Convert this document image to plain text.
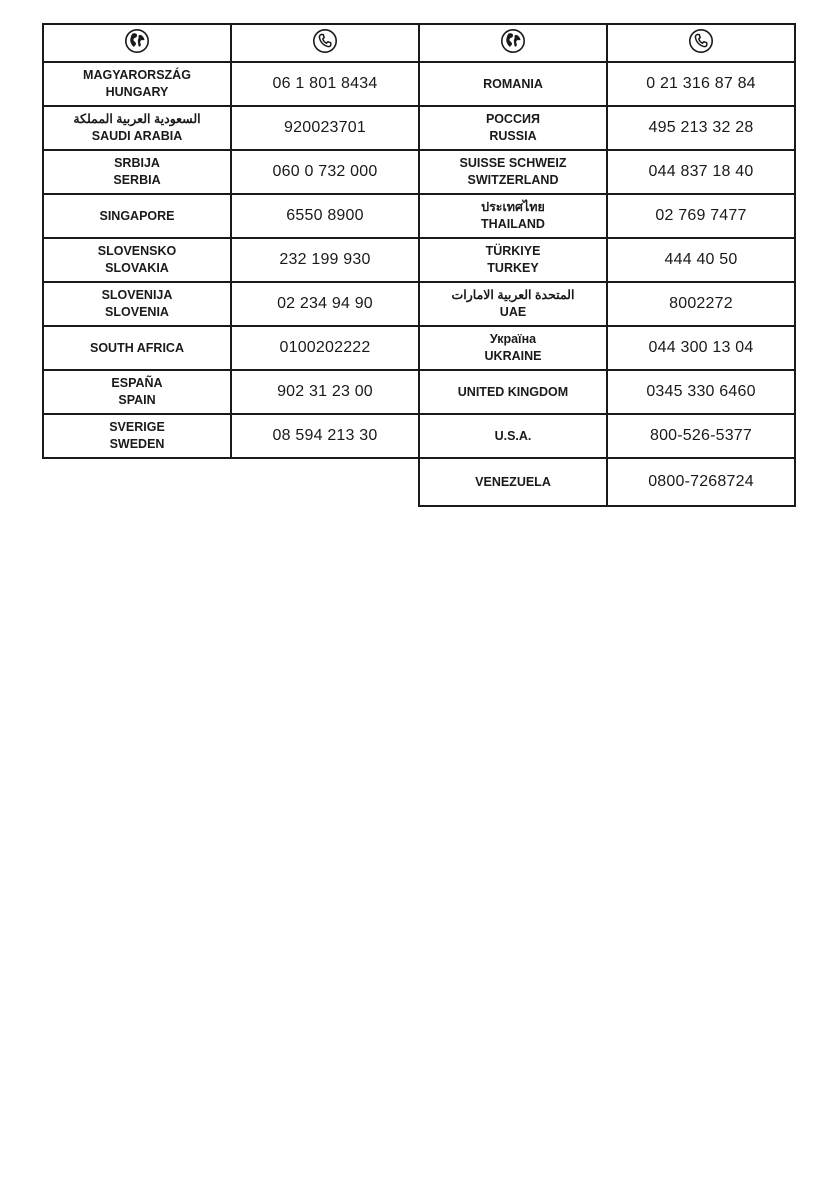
MAGYARORSZÁG
HUNGARY	06 1 801 8434

السعودية العربية المملكة
SAUDI ARABIA	920023701

SRBIJA
SERBIA	060 0 732 000

SINGAPORE	6550 8900

SLOVENSKO
SLOVAKIA	232 199 930

SLOVENIJA
SLOVENIA	02 234 94 90

SOUTH AFRICA	0100202222

ESPAÑA
SPAIN	902 31 23 00

SVERIGE
SWEDEN	08 594 213 30

ROMANIA	0 21 316 87 84

РОССИЯ
RUSSIA	495 213 32 28

SUISSE SCHWEIZ
SWITZERLAND	044 837 18 40

ประเทศไทย
THAILAND	02 769 7477

TÜRKIYE
TURKEY	444 40 50

المتحدة العربية الامارات
UAE	8002272

Україна
UKRAINE	044 300 13 04

UNITED KINGDOM	0345 330 6460

U.S.A.	800-526-5377

VENEZUELA	0800-7268724
